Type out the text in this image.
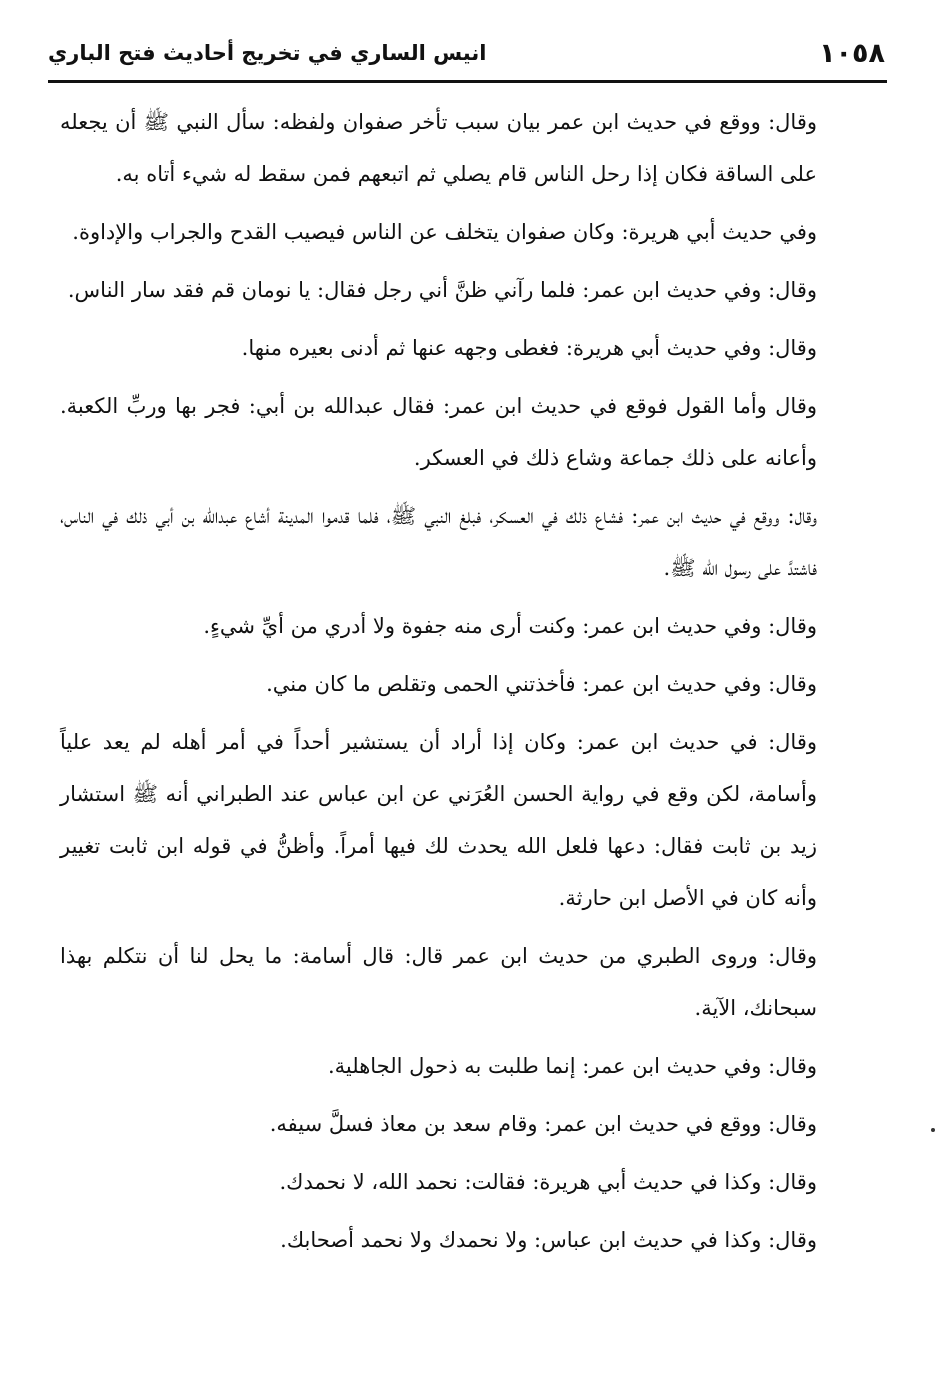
١٠٥٨
انيس الساري في تخريج أحاديث فتح الباري

وقال: ووقع في حديث ابن عمر بيان سبب تأخر صفوان ولفظه: سأل النبي ﷺ أن يجعله على الساقة فكان إذا رحل الناس قام يصلي ثم اتبعهم فمن سقط له شيء أتاه به.

وفي حديث أبي هريرة: وكان صفوان يتخلف عن الناس فيصيب القدح والجراب والإداوة.

وقال: وفي حديث ابن عمر: فلما رآني ظنَّ أني رجل فقال: يا نومان قم فقد سار الناس.

وقال: وفي حديث أبي هريرة: فغطى وجهه عنها ثم أدنى بعيره منها.

وقال وأما القول فوقع في حديث ابن عمر: فقال عبدالله بن أبي: فجر بها وربِّ الكعبة. وأعانه على ذلك جماعة وشاع ذلك في العسكر.

وقال: ووقع في حديث ابن عمر: فشاع ذلك في العسكر، فبلغ النبي ﷺ، فلما قدموا المدينة أشاع عبدالله بن أبي ذلك في الناس، فاشتدَّ على رسول الله ﷺ.

وقال: وفي حديث ابن عمر: وكنت أرى منه جفوة ولا أدري من أيِّ شيءٍ.

وقال: وفي حديث ابن عمر: فأخذتني الحمى وتقلص ما كان مني.

وقال: في حديث ابن عمر: وكان إذا أراد أن يستشير أحداً في أمر أهله لم يعد علياً وأسامة، لكن وقع في رواية الحسن العُرَني عن ابن عباس عند الطبراني أنه ﷺ استشار زيد بن ثابت فقال: دعها فلعل الله يحدث لك فيها أمراً. وأظنُّ في قوله ابن ثابت تغيير وأنه كان في الأصل ابن حارثة.

وقال: وروى الطبري من حديث ابن عمر قال: قال أسامة: ما يحل لنا أن نتكلم بهذا سبحانك، الآية.

وقال: وفي حديث ابن عمر: إنما طلبت به ذحول الجاهلية.

وقال: ووقع في حديث ابن عمر: وقام سعد بن معاذ فسلَّ سيفه.

وقال: وكذا في حديث أبي هريرة: فقالت: نحمد الله، لا نحمدك.

وقال: وكذا في حديث ابن عباس: ولا نحمدك ولا نحمد أصحابك.
